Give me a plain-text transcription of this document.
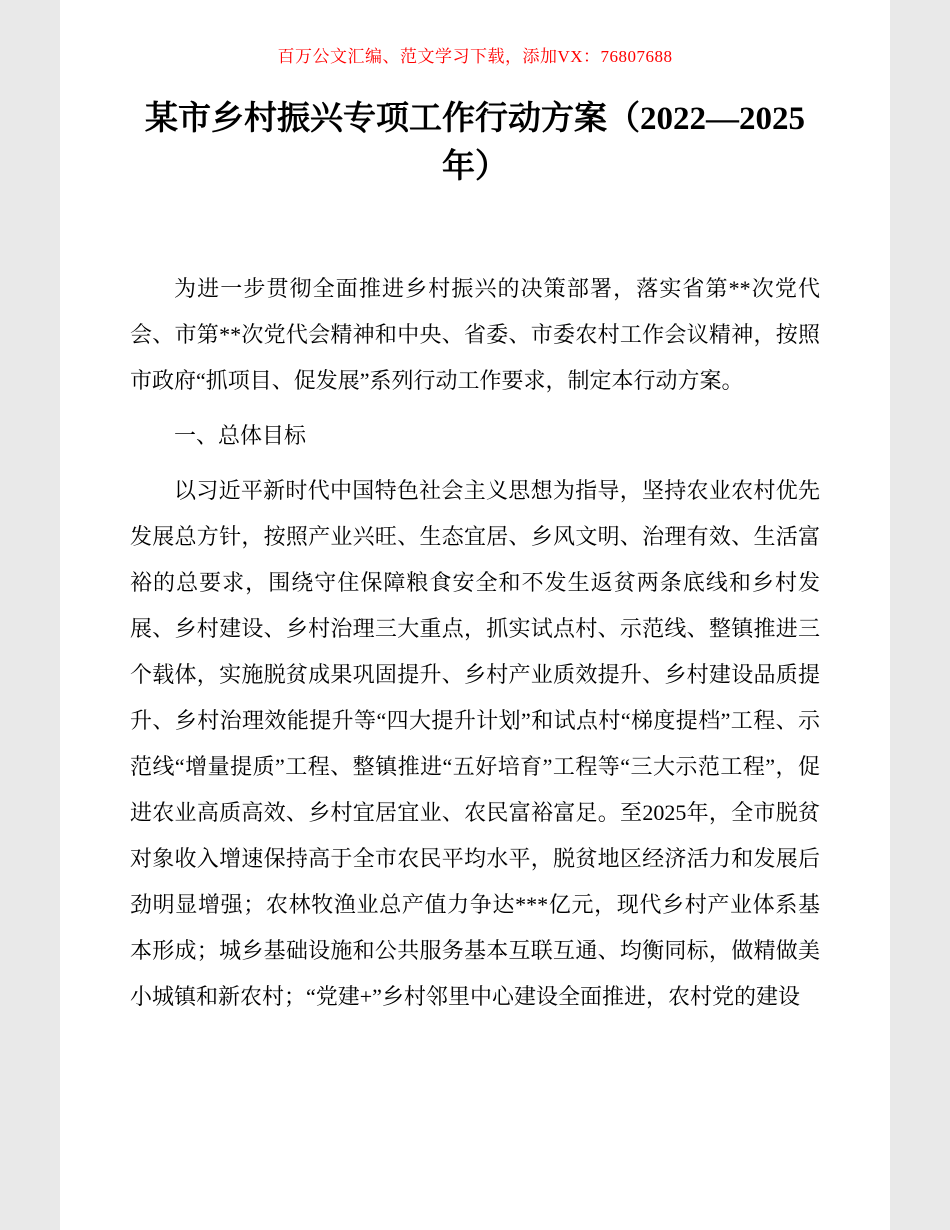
百万公文汇编、范文学习下载，添加VX：76807688
某市乡村振兴专项工作行动方案（2022—2025年）

为进一步贯彻全面推进乡村振兴的决策部署，落实省第**次党代会、市第**次党代会精神和中央、省委、市委农村工作会议精神，按照市政府“抓项目、促发展”系列行动工作要求，制定本行动方案。

一、总体目标

以习近平新时代中国特色社会主义思想为指导，坚持农业农村优先发展总方针，按照产业兴旺、生态宜居、乡风文明、治理有效、生活富裕的总要求，围绕守住保障粮食安全和不发生返贫两条底线和乡村发展、乡村建设、乡村治理三大重点，抓实试点村、示范线、整镇推进三个载体，实施脱贫成果巩固提升、乡村产业质效提升、乡村建设品质提升、乡村治理效能提升等“四大提升计划”和试点村“梯度提档”工程、示范线“增量提质”工程、整镇推进“五好培育”工程等“三大示范工程”，促进农业高质高效、乡村宜居宜业、农民富裕富足。至2025年，全市脱贫对象收入增速保持高于全市农民平均水平，脱贫地区经济活力和发展后劲明显增强；农林牧渔业总产值力争达***亿元，现代乡村产业体系基本形成；城乡基础设施和公共服务基本互联互通、均衡同标，做精做美小城镇和新农村；“党建+”乡村邻里中心建设全面推进，农村党的建设
